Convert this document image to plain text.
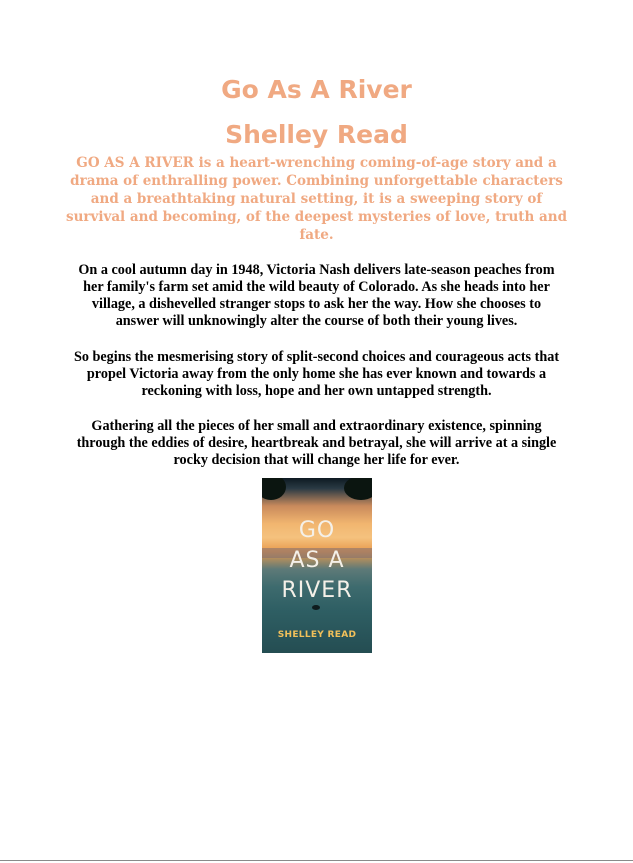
Go As A River
Shelley Read

GO AS A RIVER is a heart-wrenching coming-of-age story and a drama of enthralling power. Combining unforgettable characters and a breathtaking natural setting, it is a sweeping story of survival and becoming, of the deepest mysteries of love, truth and fate.

On a cool autumn day in 1948, Victoria Nash delivers late-season peaches from her family's farm set amid the wild beauty of Colorado. As she heads into her village, a dishevelled stranger stops to ask her the way. How she chooses to answer will unknowingly alter the course of both their young lives.

So begins the mesmerising story of split-second choices and courageous acts that propel Victoria away from the only home she has ever known and towards a reckoning with loss, hope and her own untapped strength.

Gathering all the pieces of her small and extraordinary existence, spinning through the eddies of desire, heartbreak and betrayal, she will arrive at a single rocky decision that will change her life for ever.

GO
AS A
RIVER
SHELLEY READ
